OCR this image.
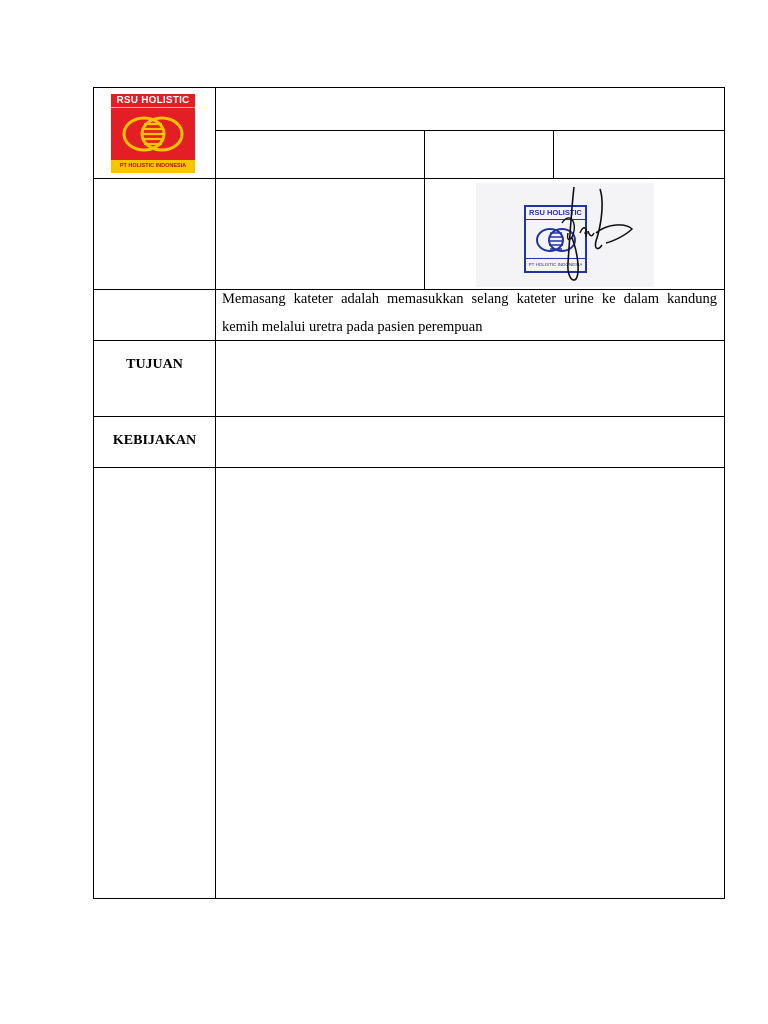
RSU HOLISTIC
PT HOLISTIC INDONESIA
RSU HOLISTIC
PT HOLISTIC INDONESIA
Memasang kateter adalah memasukkan selang kateter urine ke dalam kandung kemih melalui uretra pada pasien perempuan
TUJUAN
KEBIJAKAN
